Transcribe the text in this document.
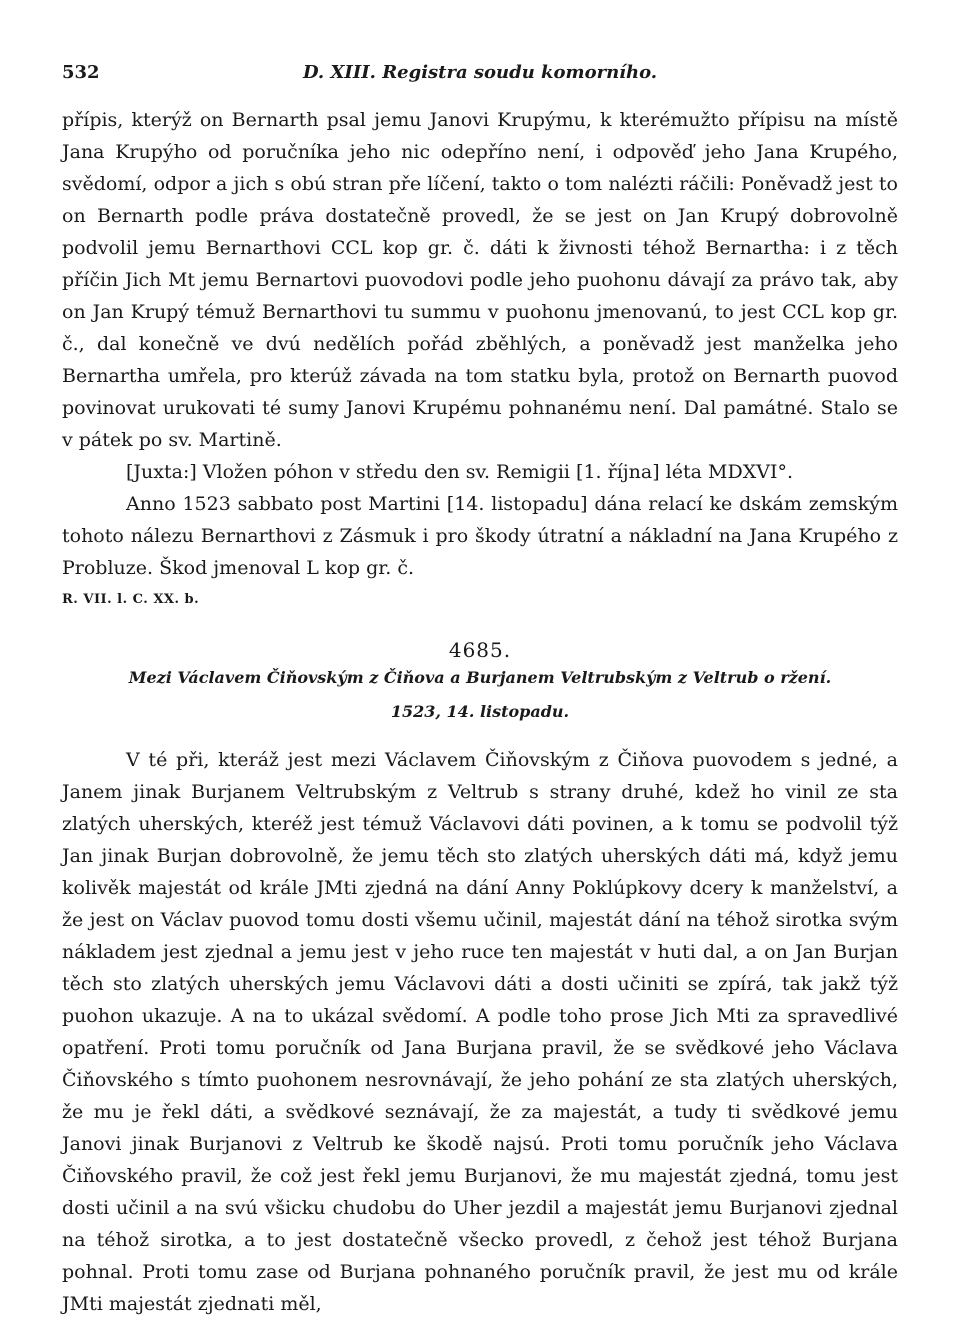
532	D. XIII. Registra soudu komorního.

přípis, kterýž on Bernarth psal jemu Janovi Krupýmu, k kterémužto přípisu na místě Jana Krupýho od poručníka jeho nic odepříno není, i odpověď jeho Jana Krupého, svědomí, odpor a jich s obú stran pře líčení, takto o tom nalézti ráčili: Poněvadž jest to on Bernarth podle práva dostatečně provedl, že se jest on Jan Krupý dobrovolně podvolil jemu Bernarthovi CCL kop gr. č. dáti k živnosti téhož Bernartha: i z těch příčin Jich Mt jemu Bernartovi puovodovi podle jeho puohonu dávají za právo tak, aby on Jan Krupý témuž Bernarthovi tu summu v puohonu jmenovanú, to jest CCL kop gr. č., dal konečně ve dvú nedělích pořád zběhlých, a poněvadž jest manželka jeho Bernartha umřela, pro kterúž závada na tom statku byla, protož on Bernarth puovod povinovat urukovati té sumy Janovi Krupému pohnanému není. Dal památné. Stalo se v pátek po sv. Martině.

[Juxta:] Vložen póhon v středu den sv. Remigii [1. října] léta MDXVI°.

Anno 1523 sabbato post Martini [14. listopadu] dána relací ke dskám zemským tohoto nálezu Bernarthovi z Zásmuk i pro škody útratní a nákladní na Jana Krupého z Probluze. Škod jmenoval L kop gr. č.

R. VII. l. C. XX. b.

4685.

Mezi Václavem Čiňovským z Čiňova a Burjanem Veltrubským z Veltrub o ržení.

1523, 14. listopadu.

V té při, kteráž jest mezi Václavem Čiňovským z Čiňova puovodem s jedné, a Janem jinak Burjanem Veltrubským z Veltrub s strany druhé, kdež ho vinil ze sta zlatých uherských, kteréž jest témuž Václavovi dáti povinen, a k tomu se podvolil týž Jan jinak Burjan dobrovolně, že jemu těch sto zlatých uherských dáti má, když jemu kolivěk majestát od krále JMti zjedná na dání Anny Poklúpkovy dcery k manželství, a že jest on Václav puovod tomu dosti všemu učinil, majestát dání na téhož sirotka svým nákladem jest zjednal a jemu jest v jeho ruce ten majestát v huti dal, a on Jan Burjan těch sto zlatých uherských jemu Václavovi dáti a dosti učiniti se zpírá, tak jakž týž puohon ukazuje. A na to ukázal svědomí. A podle toho prose Jich Mti za spravedlivé opatření. Proti tomu poručník od Jana Burjana pravil, že se svědkové jeho Václava Čiňovského s tímto puohonem nesrovnávají, že jeho pohání ze sta zlatých uherských, že mu je řekl dáti, a svědkové seznávají, že za majestát, a tudy ti svědkové jemu Janovi jinak Burjanovi z Veltrub ke škodě najsú. Proti tomu poručník jeho Václava Čiňovského pravil, že což jest řekl jemu Burjanovi, že mu majestát zjedná, tomu jest dosti učinil a na svú všicku chudobu do Uher jezdil a majestát jemu Burjanovi zjednal na téhož sirotka, a to jest dostatečně všecko provedl, z čehož jest téhož Burjana pohnal. Proti tomu zase od Burjana pohnaného poručník pravil, že jest mu od krále JMti majestát zjednati měl,
